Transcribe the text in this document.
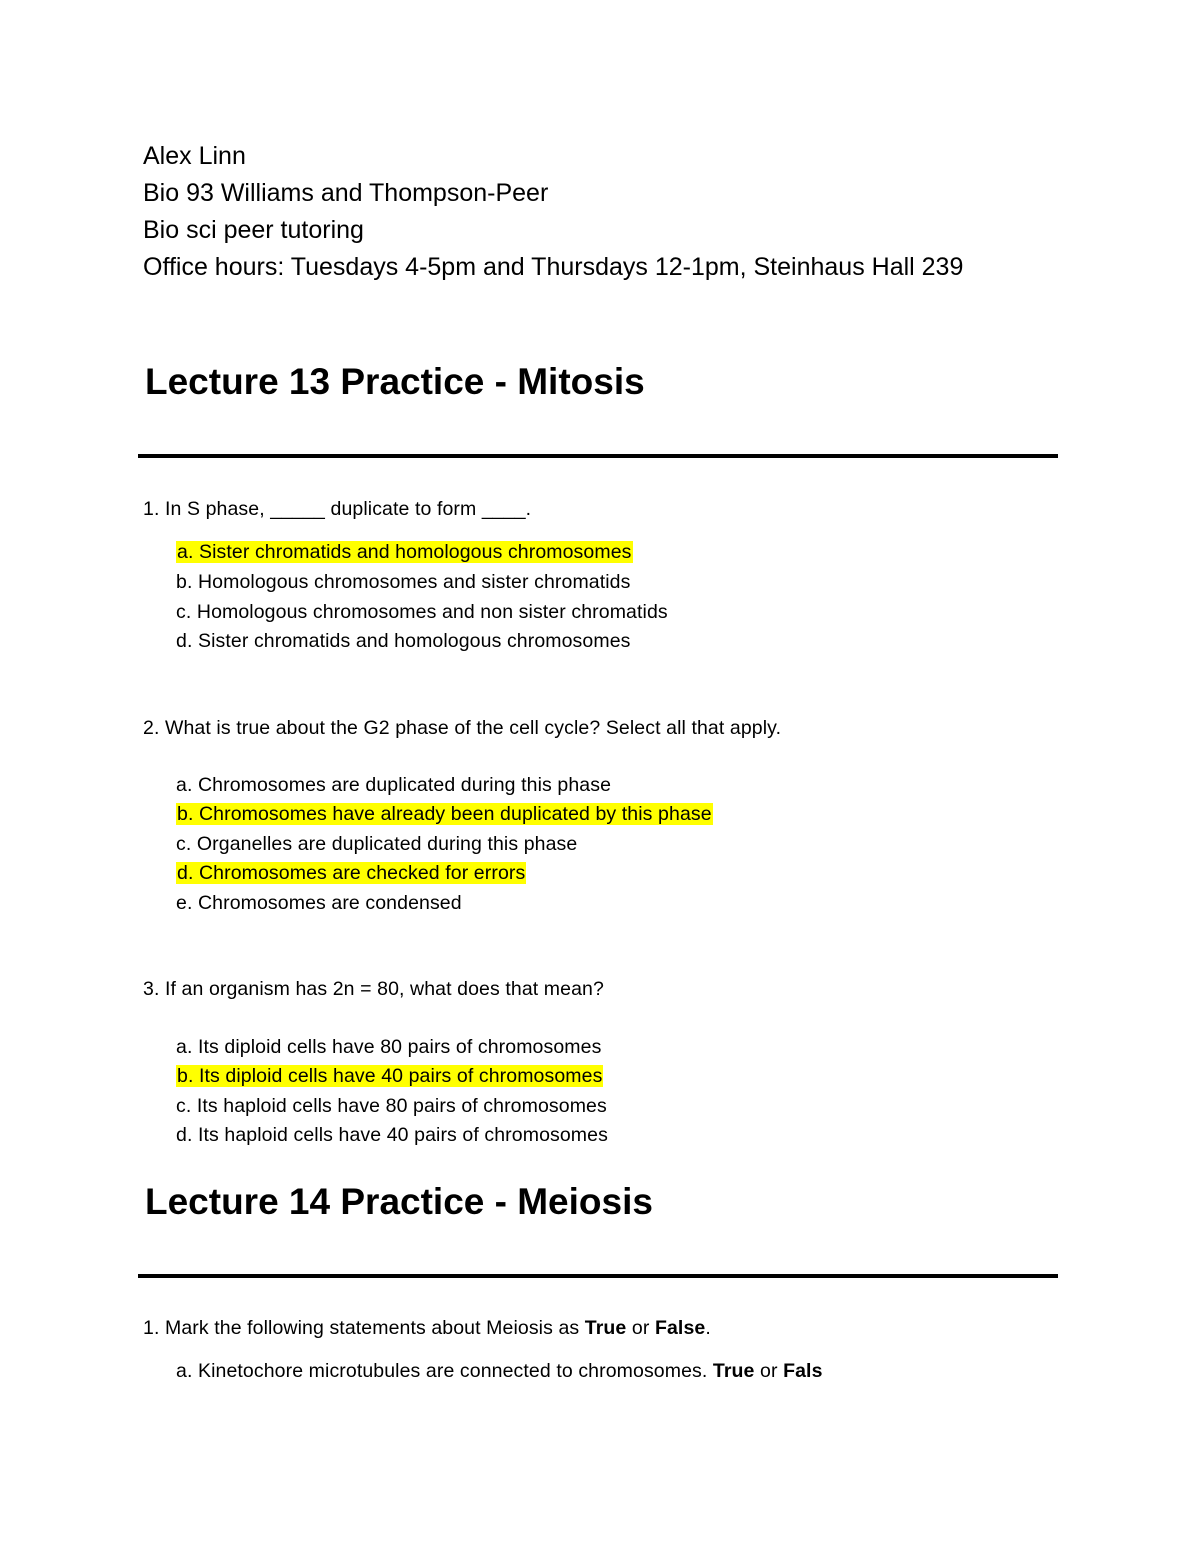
Alex Linn
Bio 93 Williams and Thompson-Peer
Bio sci peer tutoring
Office hours: Tuesdays 4-5pm and Thursdays 12-1pm, Steinhaus Hall 239
Lecture 13 Practice - Mitosis
1. In S phase, _____ duplicate to form ____.
a. Sister chromatids and homologous chromosomes
b. Homologous chromosomes and sister chromatids
c. Homologous chromosomes and non sister chromatids
d. Sister chromatids and homologous chromosomes
2. What is true about the G2 phase of the cell cycle? Select all that apply.
a. Chromosomes are duplicated during this phase
b. Chromosomes have already been duplicated by this phase
c. Organelles are duplicated during this phase
d. Chromosomes are checked for errors
e. Chromosomes are condensed
3. If an organism has 2n = 80, what does that mean?
a. Its diploid cells have 80 pairs of chromosomes
b. Its diploid cells have 40 pairs of chromosomes
c. Its haploid cells have 80 pairs of chromosomes
d. Its haploid cells have 40 pairs of chromosomes
Lecture 14 Practice - Meiosis
1. Mark the following statements about Meiosis as True or False.
a. Kinetochore microtubules are connected to chromosomes. True or Fals
